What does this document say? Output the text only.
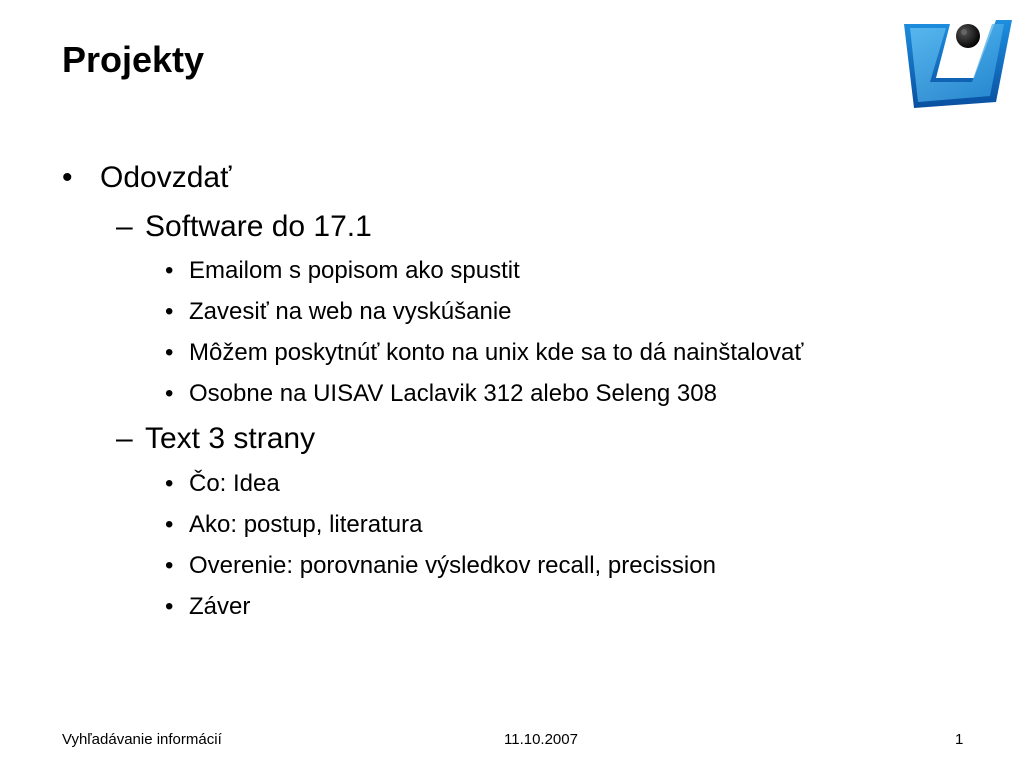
Projekty
• Odovzdať
– Software do 17.1
• Emailom s popisom ako spustit
• Zavesiť na web na vyskúšanie
• Môžem poskytnúť konto na unix kde sa to dá nainštalovať
• Osobne na UISAV Laclavik 312 alebo Seleng 308
– Text 3 strany
• Čo: Idea
• Ako: postup, literatura
• Overenie: porovnanie výsledkov recall, precission
• Záver
Vyhľadávanie informácií	11.10.2007	1
